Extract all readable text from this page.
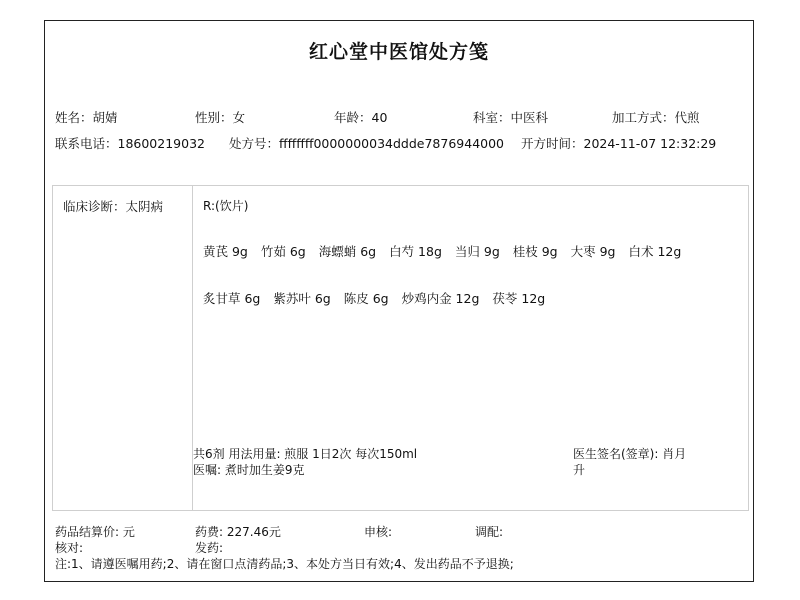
红心堂中医馆处方笺
姓名：胡婧	性别：女	年龄：40	科室：中医科	加工方式：代煎
联系电话：18600219032 处方号：ffffffff0000000034ddde7876944000 开方时间：2024-11-07 12:32:29
临床诊断：太阴病	R:(饮片)
黄芪 9g 竹茹 6g 海螵蛸 6g 白芍 18g 当归 9g 桂枝 9g 大枣 9g 白术 12g
炙甘草 6g 紫苏叶 6g 陈皮 6g 炒鸡内金 12g 茯苓 12g
共6剂 用法用量: 煎服 1日2次 每次150ml
医嘱: 煮时加生姜9克
医生签名(签章): 肖月升
药品结算价: 元	药费: 227.46元	申核:	调配:
核对:	发药:
注:1、请遵医嘱用药;2、请在窗口点清药品;3、本处方当日有效;4、发出药品不予退换;
